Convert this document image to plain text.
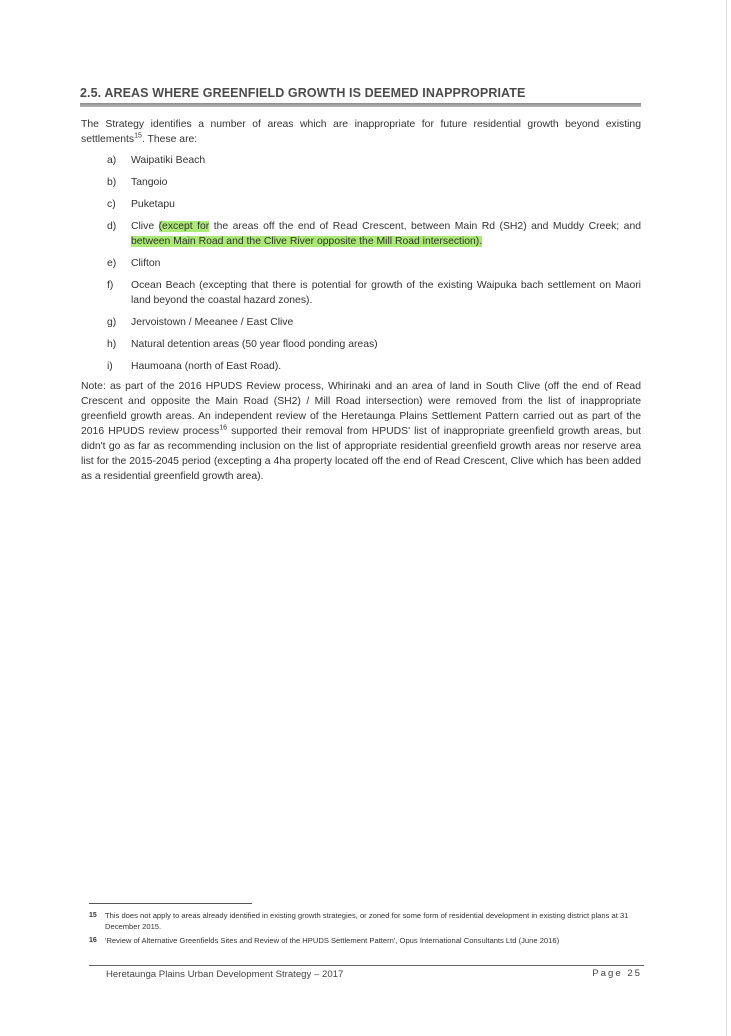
2.5. AREAS WHERE GREENFIELD GROWTH IS DEEMED INAPPROPRIATE

The Strategy identifies a number of areas which are inappropriate for future residential growth beyond existing settlements$^{15}$. These are:

a) Waipatiki Beach
b) Tangoio
c) Puketapu
d) Clive (except for the areas off the end of Read Crescent, between Main Rd (SH2) and Muddy Creek; and between Main Road and the Clive River opposite the Mill Road intersection).
e) Clifton
f) Ocean Beach (excepting that there is potential for growth of the existing Waipuka bach settlement on Maori land beyond the coastal hazard zones).
g) Jervoistown / Meeanee / East Clive
h) Natural detention areas (50 year flood ponding areas)
i) Haumoana (north of East Road).

Note: as part of the 2016 HPUDS Review process, Whirinaki and an area of land in South Clive (off the end of Read Crescent and opposite the Main Road (SH2) / Mill Road intersection) were removed from the list of inappropriate greenfield growth areas. An independent review of the Heretaunga Plains Settlement Pattern carried out as part of the 2016 HPUDS review process$^{16}$ supported their removal from HPUDS' list of inappropriate greenfield growth areas, but didn't go as far as recommending inclusion on the list of appropriate residential greenfield growth areas nor reserve area list for the 2015-2045 period (excepting a 4ha property located off the end of Read Crescent, Clive which has been added as a residential greenfield growth area).

15 This does not apply to areas already identified in existing growth strategies, or zoned for some form of residential development in existing district plans at 31 December 2015.
16 'Review of Alternative Greenfields Sites and Review of the HPUDS Settlement Pattern', Opus International Consultants Ltd (June 2016)
Heretaunga Plains Urban Development Strategy – 2017	Page 25
